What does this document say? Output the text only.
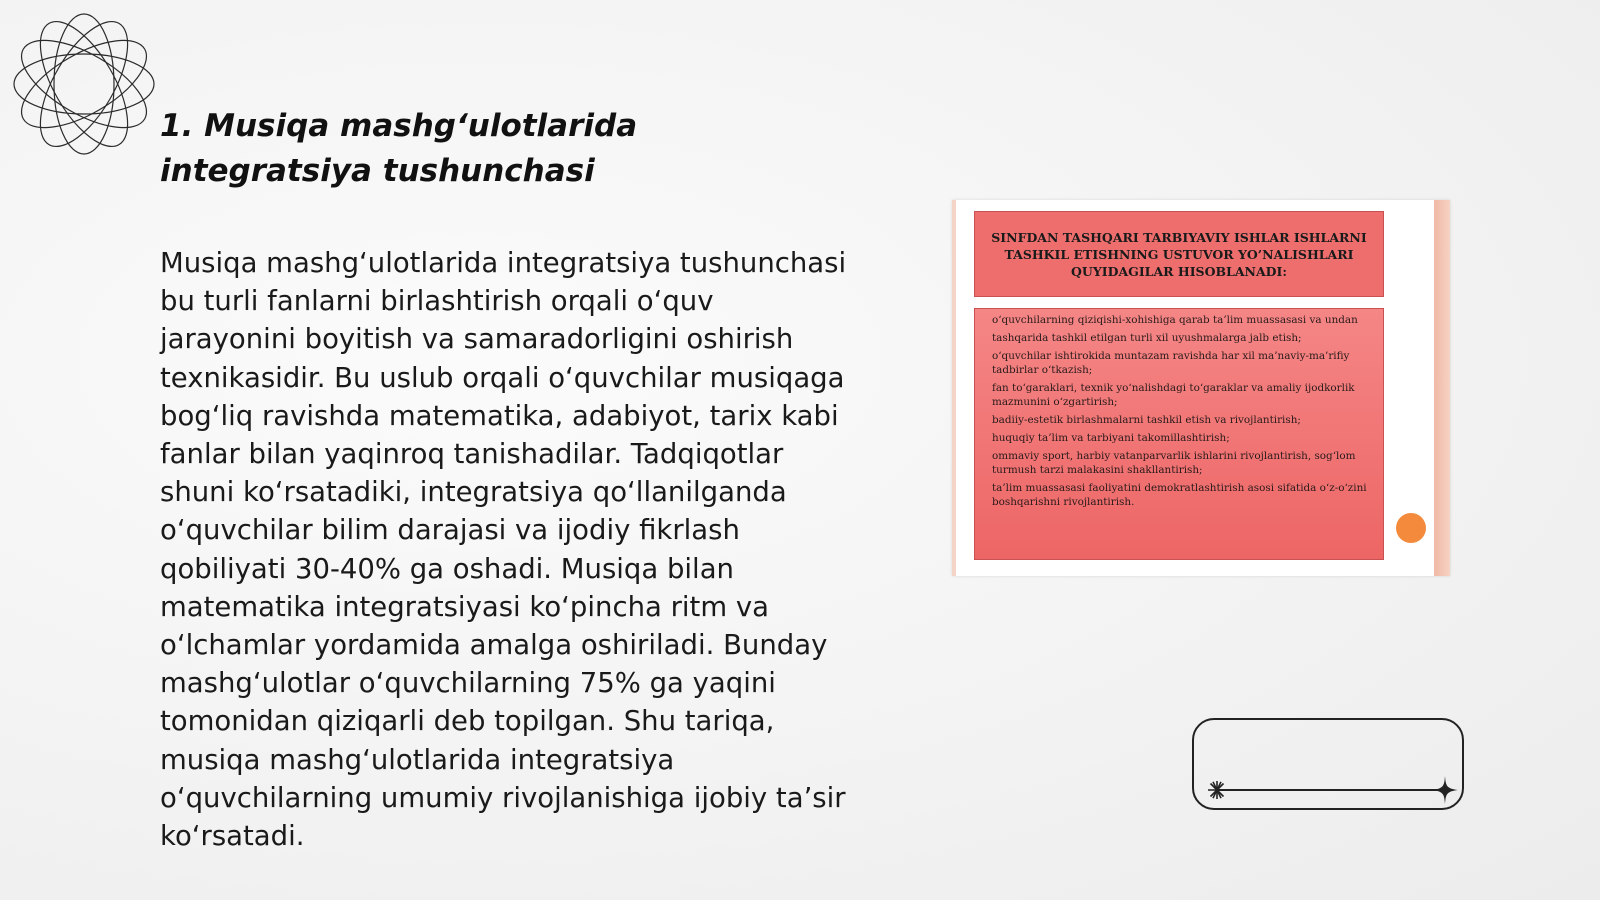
1. Musiqa mashg‘ulotlarida
integratsiya tushunchasi

Musiqa mashg‘ulotlarida integratsiya tushunchasi bu turli fanlarni birlashtirish orqali o‘quv jarayonini boyitish va samaradorligini oshirish texnikasidir. Bu uslub orqali o‘quvchilar musiqaga bog‘liq ravishda matematika, adabiyot, tarix kabi fanlar bilan yaqinroq tanishadilar. Tadqiqotlar shuni ko‘rsatadiki, integratsiya qo‘llanilganda o‘quvchilar bilim darajasi va ijodiy fikrlash qobiliyati 30-40% ga oshadi. Musiqa bilan matematika integratsiyasi ko‘pincha ritm va o‘lchamlar yordamida amalga oshiriladi. Bunday mashg‘ulotlar o‘quvchilarning 75% ga yaqini tomonidan qiziqarli deb topilgan. Shu tariqa, musiqa mashg‘ulotlarida integratsiya o‘quvchilarning umumiy rivojlanishiga ijobiy ta’sir ko‘rsatadi.

SINFDAN TASHQARI TARBIYAVIY ISHLAR ISHLARNI TASHKIL ETISHNING USTUVOR YO’NALISHLARI QUYIDAGILAR HISOBLANADI:
o‘quvchilarning qiziqishi-xohishiga qarab ta’lim muassasasi va undan
tashqarida tashkil etilgan turli xil uyushmalarga jalb etish;
o‘quvchilar ishtirokida muntazam ravishda har xil ma’naviy-ma’rifiy tadbirlar o‘tkazish;
fan to‘garaklari, texnik yo‘nalishdagi to‘garaklar va amaliy ijodkorlik mazmunini o‘zgartirish;
badiiy-estetik birlashmalarni tashkil etish va rivojlantirish;
huquqiy ta’lim va tarbiyani takomillashtirish;
ommaviy sport, harbiy vatanparvarlik ishlarini rivojlantirish, sog‘lom turmush tarzi malakasini shakllantirish;
ta’lim muassasasi faoliyatini demokratlashtirish asosi sifatida o‘z-o‘zini boshqarishni rivojlantirish.
